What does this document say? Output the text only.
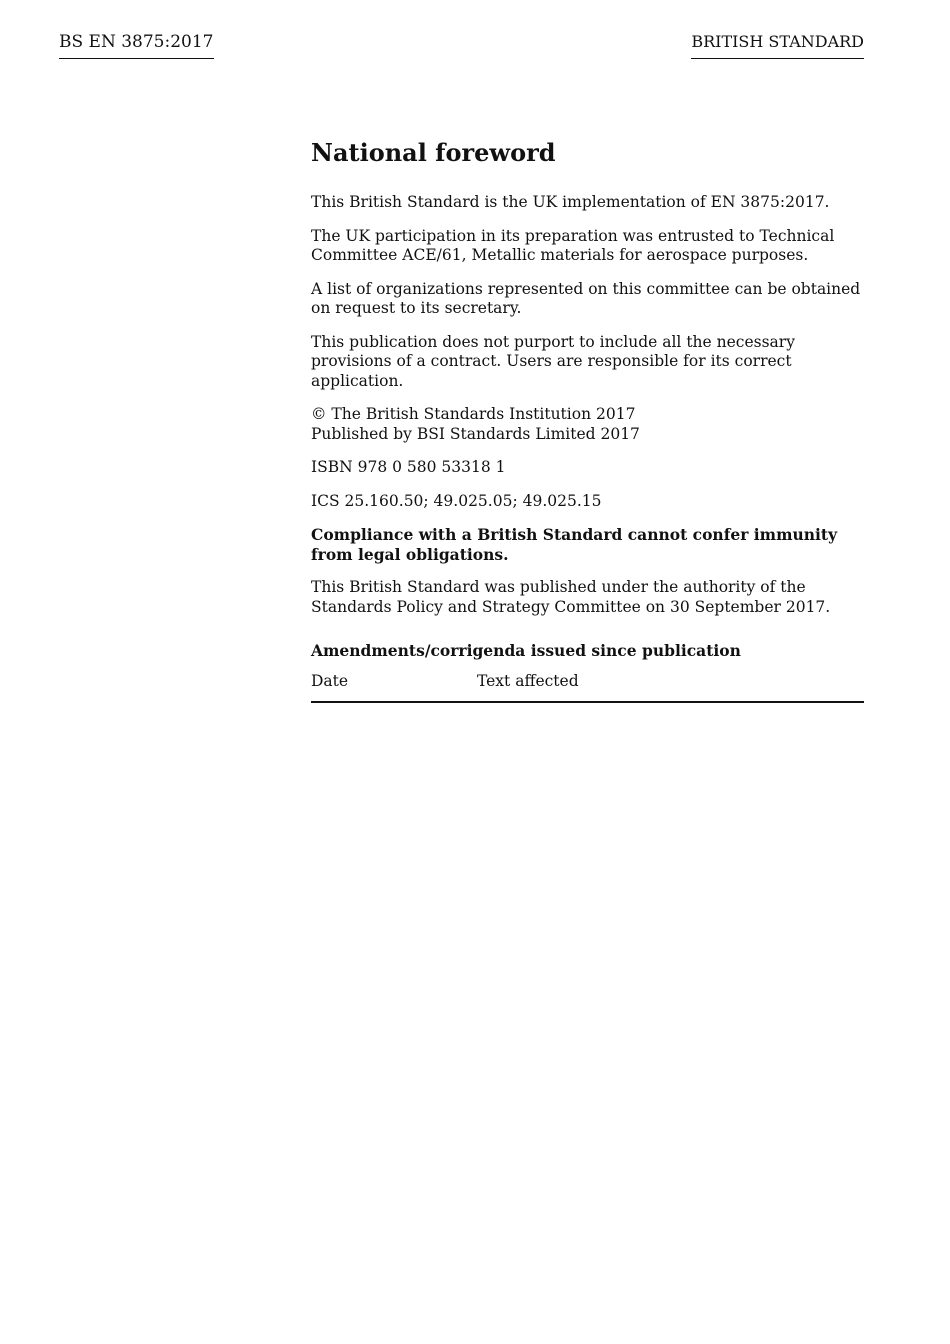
BS EN 3875:2017	BRITISH STANDARD
National foreword

This British Standard is the UK implementation of EN 3875:2017.

The UK participation in its preparation was entrusted to Technical Committee ACE/61, Metallic materials for aerospace purposes.

A list of organizations represented on this committee can be obtained on request to its secretary.

This publication does not purport to include all the necessary provisions of a contract. Users are responsible for its correct application.

© The British Standards Institution 2017
Published by BSI Standards Limited 2017

ISBN 978 0 580 53318 1

ICS 25.160.50; 49.025.05; 49.025.15

Compliance with a British Standard cannot confer immunity from legal obligations.

This British Standard was published under the authority of the Standards Policy and Strategy Committee on 30 September 2017.

Amendments/corrigenda issued since publication
Date	Text affected
